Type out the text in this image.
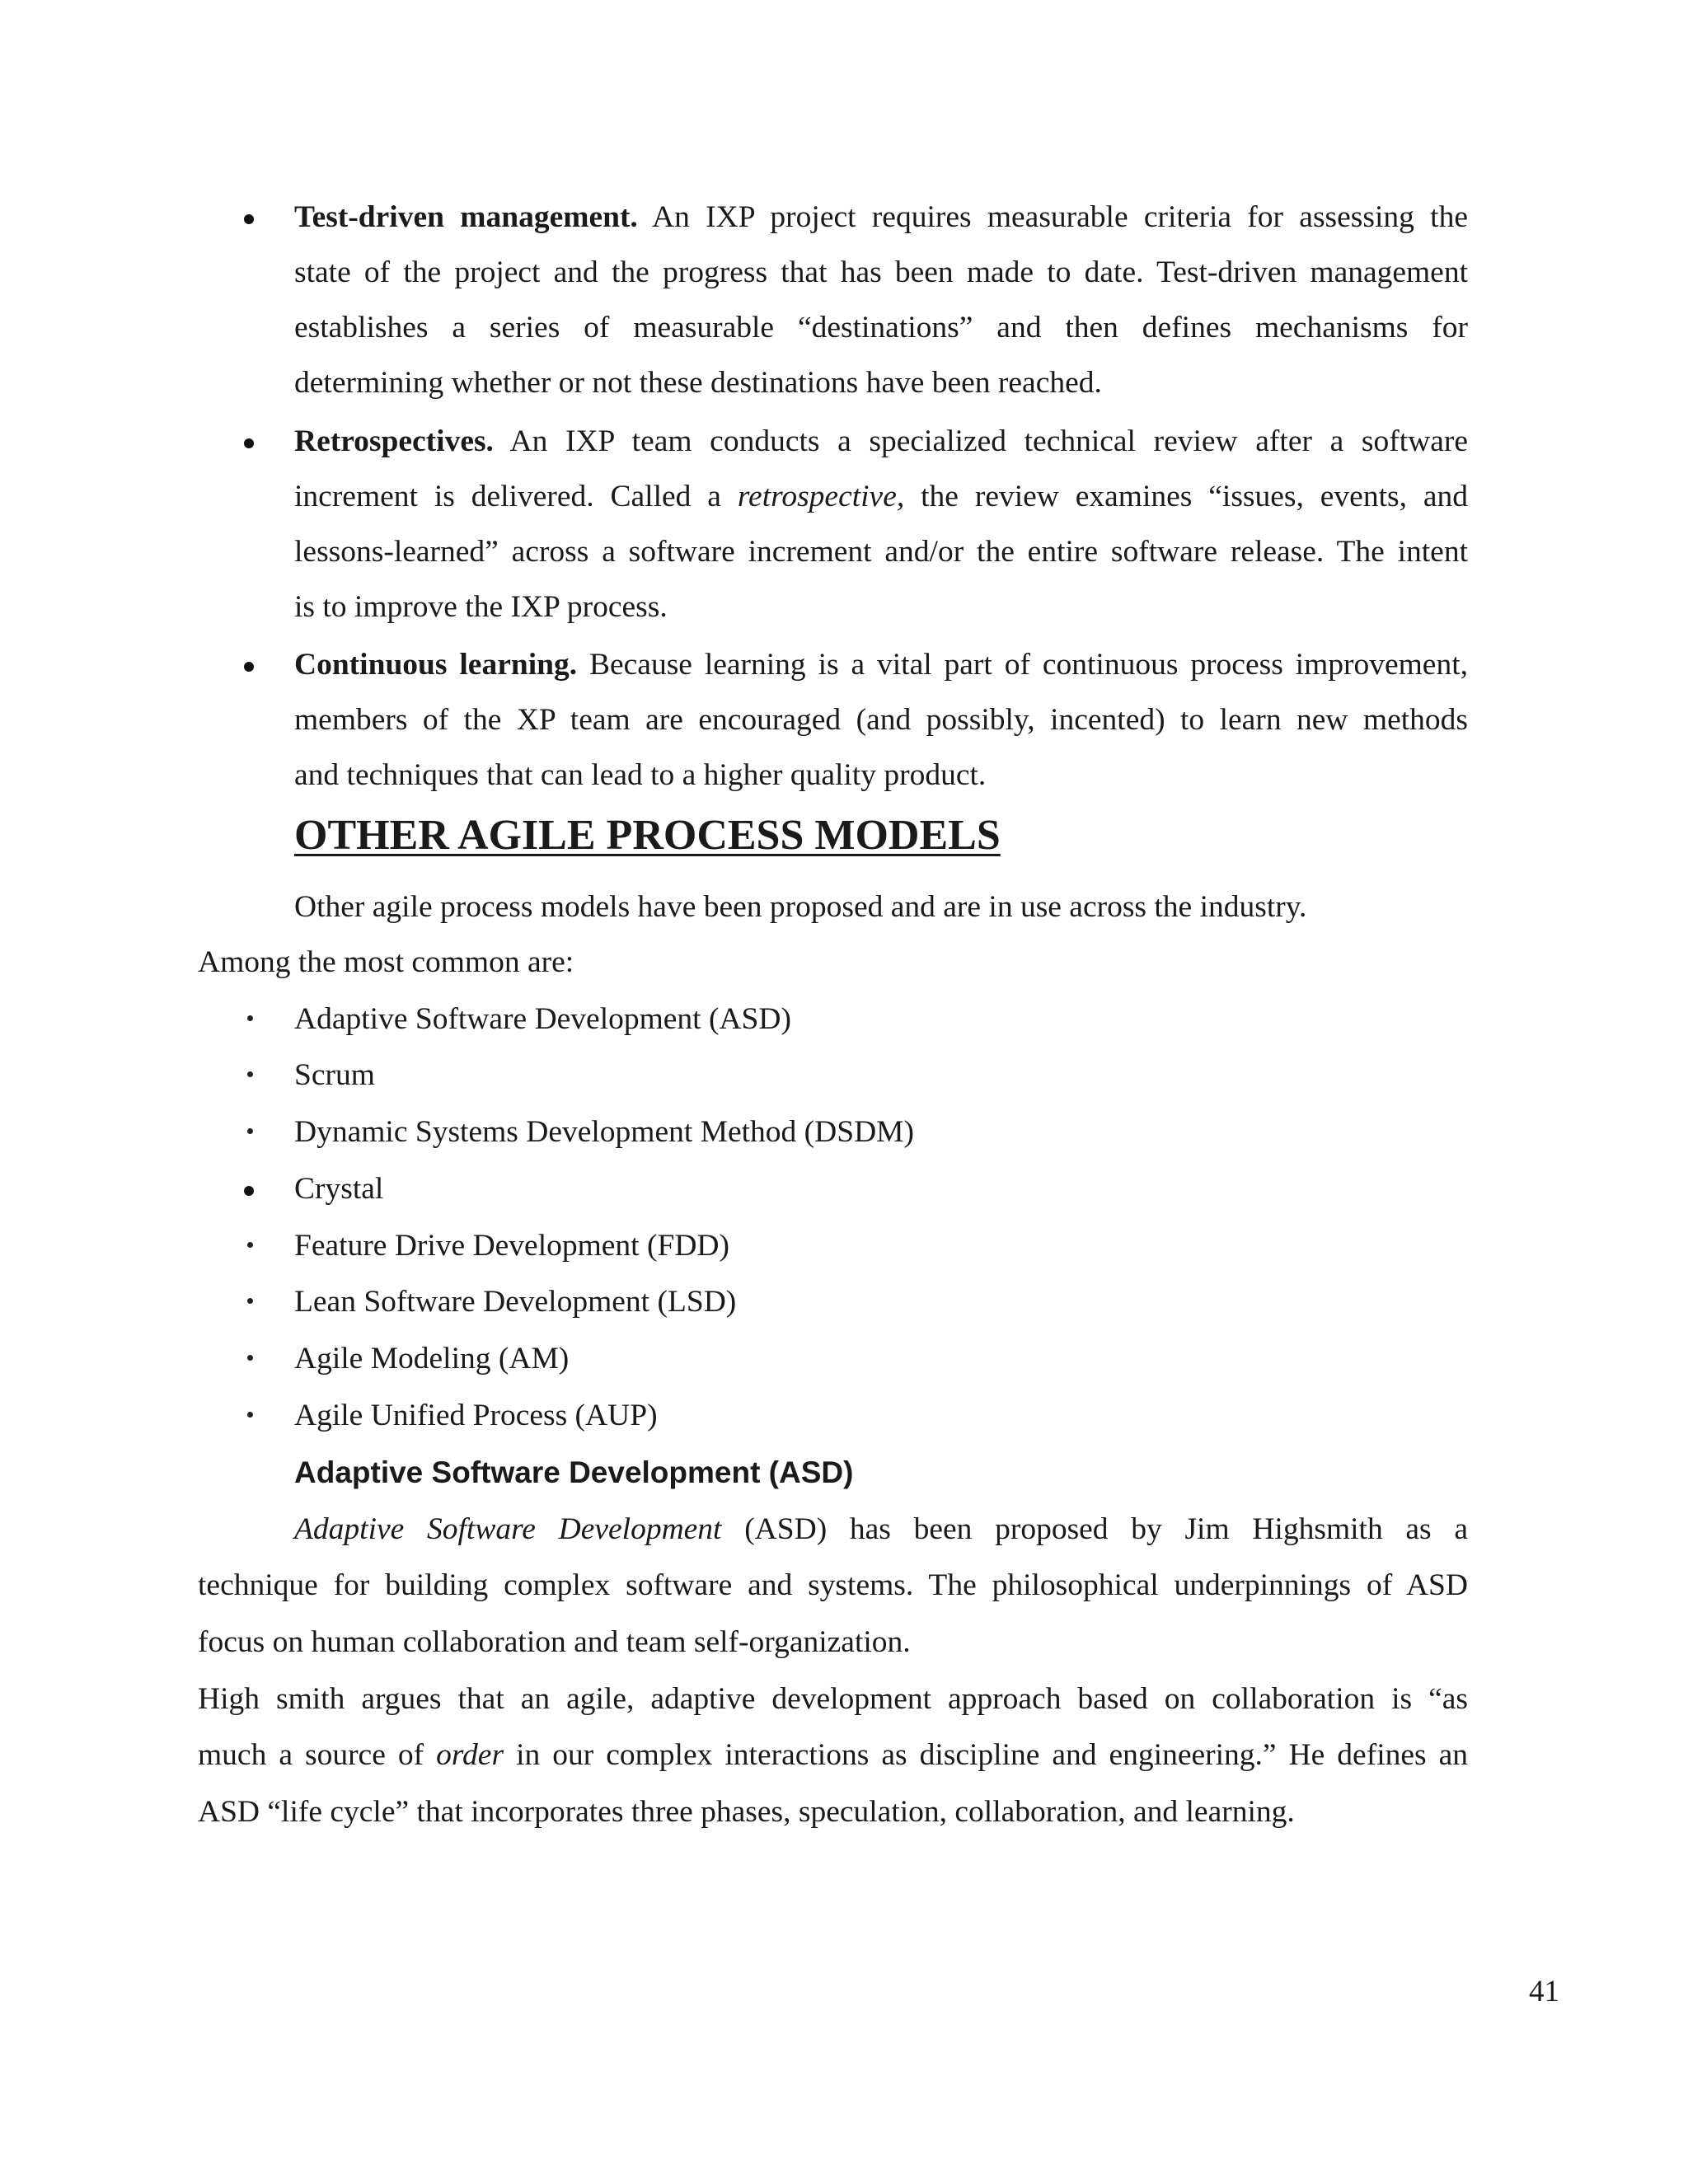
Test-driven management. An IXP project requires measurable criteria for assessing the
state of the project and the progress that has been made to date. Test-driven management
establishes a series of measurable “destinations” and then defines mechanisms for
determining whether or not these destinations have been reached.
Retrospectives. An IXP team conducts a specialized technical review after a software
increment is delivered. Called a retrospective, the review examines “issues, events, and
lessons-learned” across a software increment and/or the entire software release. The intent
is to improve the IXP process.
Continuous learning. Because learning is a vital part of continuous process improvement,
members of the XP team are encouraged (and possibly, incented) to learn new methods
and techniques that can lead to a higher quality product.
OTHER AGILE PROCESS MODELS
Other agile process models have been proposed and are in use across the industry.
Among the most common are:
Adaptive Software Development (ASD)
Scrum
Dynamic Systems Development Method (DSDM)
Crystal
Feature Drive Development (FDD)
Lean Software Development (LSD)
Agile Modeling (AM)
Agile Unified Process (AUP)
Adaptive Software Development (ASD)
Adaptive Software Development (ASD) has been proposed by Jim Highsmith as a
technique for building complex software and systems. The philosophical underpinnings of ASD
focus on human collaboration and team self-organization.
High smith argues that an agile, adaptive development approach based on collaboration is “as
much a source of order in our complex interactions as discipline and engineering.” He defines an
ASD “life cycle” that incorporates three phases, speculation, collaboration, and learning.
41
